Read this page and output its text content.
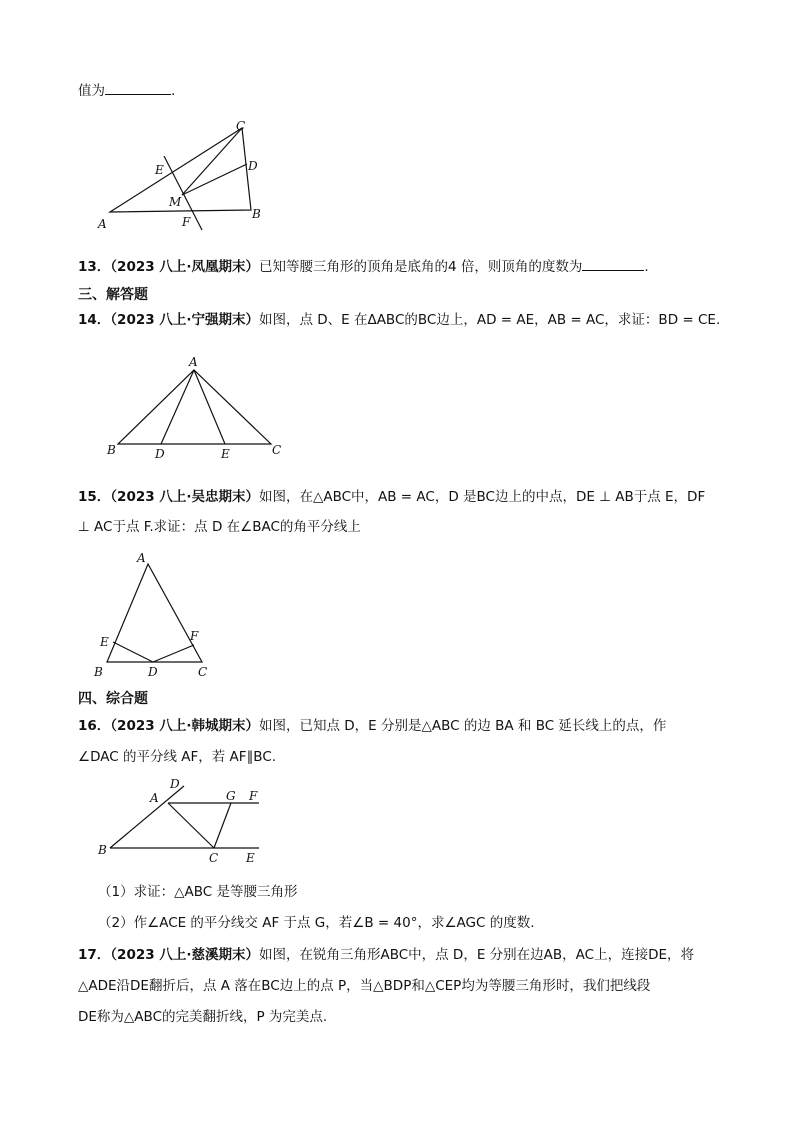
值为	.
A
B
C
D
E
F
M
13．（2023 八上·凤凰期末）已知等腰三角形的顶角是底角的4 倍，则顶角的度数为	.
三、解答题
14．（2023 八上·宁强期末）如图，点 D、E 在ΔABC的BC边上，AD = AE，AB = AC，求证：BD = CE.
A
B	C
D	E
15．（2023 八上·吴忠期末）如图，在△ABC中，AB = AC，D 是BC边上的中点，DE ⊥ AB于点 E，DF
⊥ AC于点 F.求证：点 D 在∠BAC的角平分线上
A
B	C
D
E	F
四、综合题
16．（2023 八上·韩城期末）如图，已知点 D，E 分别是△ABC 的边 BA 和 BC 延长线上的点，作
∠DAC 的平分线 AF，若 AF∥BC.
A
B
C
D
E
F
G
（1）求证：△ABC 是等腰三角形
（2）作∠ACE 的平分线交 AF 于点 G，若∠B = 40°，求∠AGC 的度数.
17．（2023 八上·慈溪期末）如图，在锐角三角形ABC中，点 D，E 分别在边AB，AC上，连接DE，将
△ADE沿DE翻折后，点 A 落在BC边上的点 P，当△BDP和△CEP均为等腰三角形时，我们把线段
DE称为△ABC的完美翻折线，P 为完美点.
